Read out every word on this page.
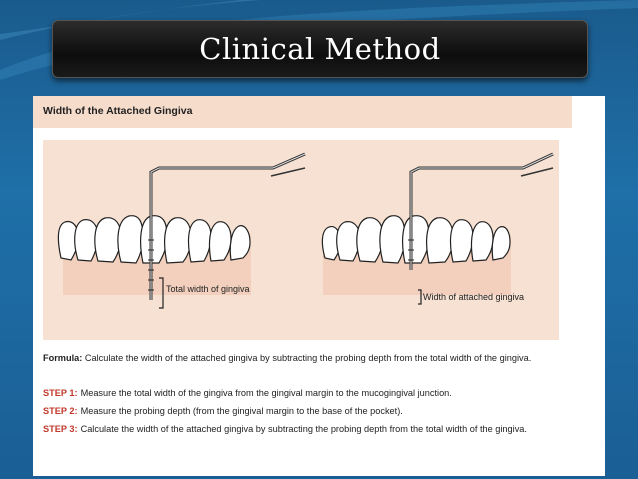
Clinical Method
Width of the Attached Gingiva
Total width of gingiva
Width of attached gingiva
Formula: Calculate the width of the attached gingiva by subtracting the probing depth from the total width of the gingiva.
STEP 1: Measure the total width of the gingiva from the gingival margin to the mucogingival junction.
STEP 2: Measure the probing depth (from the gingival margin to the base of the pocket).
STEP 3: Calculate the width of the attached gingiva by subtracting the probing depth from the total width of the gingiva.
